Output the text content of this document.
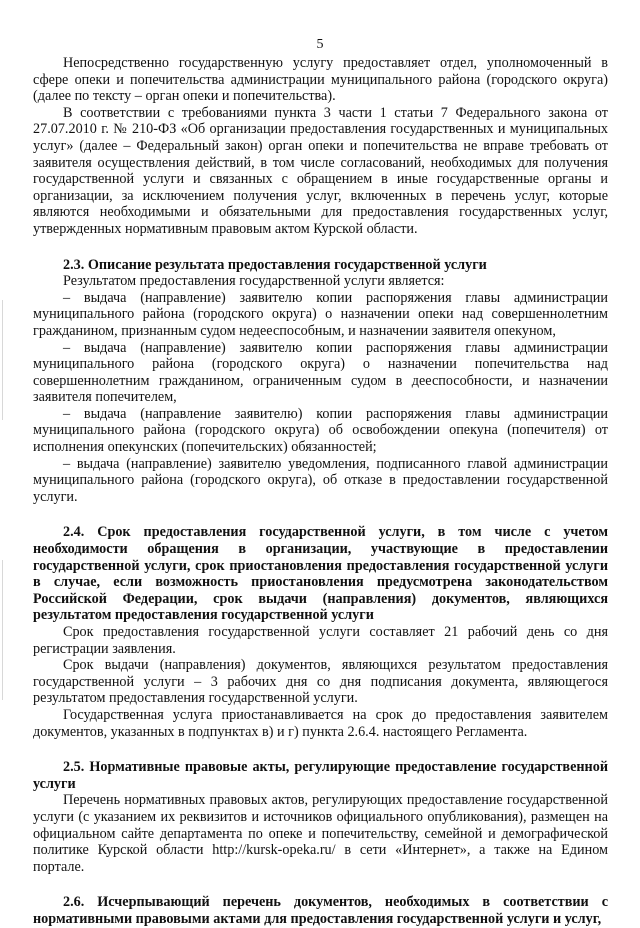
5

Непосредственно государственную услугу предоставляет отдел, уполномоченный в сфере опеки и попечительства администрации муниципального района (городского округа) (далее по тексту – орган опеки и попечительства).

В соответствии с требованиями пункта 3 части 1 статьи 7 Федерального закона от 27.07.2010 г. № 210-ФЗ «Об организации предоставления государственных и муниципальных услуг» (далее – Федеральный закон) орган опеки и попечительства не вправе требовать от заявителя осуществления действий, в том числе согласований, необходимых для получения государственной услуги и связанных с обращением в иные государственные органы и организации, за исключением получения услуг, включенных в перечень услуг, которые являются необходимыми и обязательными для предоставления государственных услуг, утвержденных нормативным правовым актом Курской области.

2.3. Описание результата предоставления государственной услуги

Результатом предоставления государственной услуги является:

– выдача (направление) заявителю копии распоряжения главы администрации муниципального района (городского округа) о назначении опеки над совершеннолетним гражданином, признанным судом недееспособным, и назначении заявителя опекуном,

– выдача (направление) заявителю копии распоряжения главы администрации муниципального района (городского округа) о назначении попечительства над совершеннолетним гражданином, ограниченным судом в дееспособности, и назначении заявителя попечителем,

– выдача (направление заявителю) копии распоряжения главы администрации муниципального района (городского округа) об освобождении опекуна (попечителя) от исполнения опекунских (попечительских) обязанностей;

– выдача (направление) заявителю уведомления, подписанного главой администрации муниципального района (городского округа), об отказе в предоставлении государственной услуги.

2.4. Срок предоставления государственной услуги, в том числе с учетом необходимости обращения в организации, участвующие в предоставлении государственной услуги, срок приостановления предоставления государственной услуги в случае, если возможность приостановления предусмотрена законодательством Российской Федерации, срок выдачи (направления) документов, являющихся результатом предоставления государственной услуги

Срок предоставления государственной услуги составляет 21 рабочий день со дня регистрации заявления.

Срок выдачи (направления) документов, являющихся результатом предоставления государственной услуги – 3 рабочих дня со дня подписания документа, являющегося результатом предоставления государственной услуги.

Государственная услуга приостанавливается на срок до предоставления заявителем документов, указанных в подпунктах в) и г) пункта 2.6.4. настоящего Регламента.

2.5. Нормативные правовые акты, регулирующие предоставление государственной услуги

Перечень нормативных правовых актов, регулирующих предоставление государственной услуги (с указанием их реквизитов и источников официального опубликования), размещен на официальном сайте департамента по опеке и попечительству, семейной и демографической политике Курской области http://kursk-opeka.ru/ в сети «Интернет», а также на Едином портале.

2.6. Исчерпывающий перечень документов, необходимых в соответствии с нормативными правовыми актами для предоставления государственной услуги и услуг,
